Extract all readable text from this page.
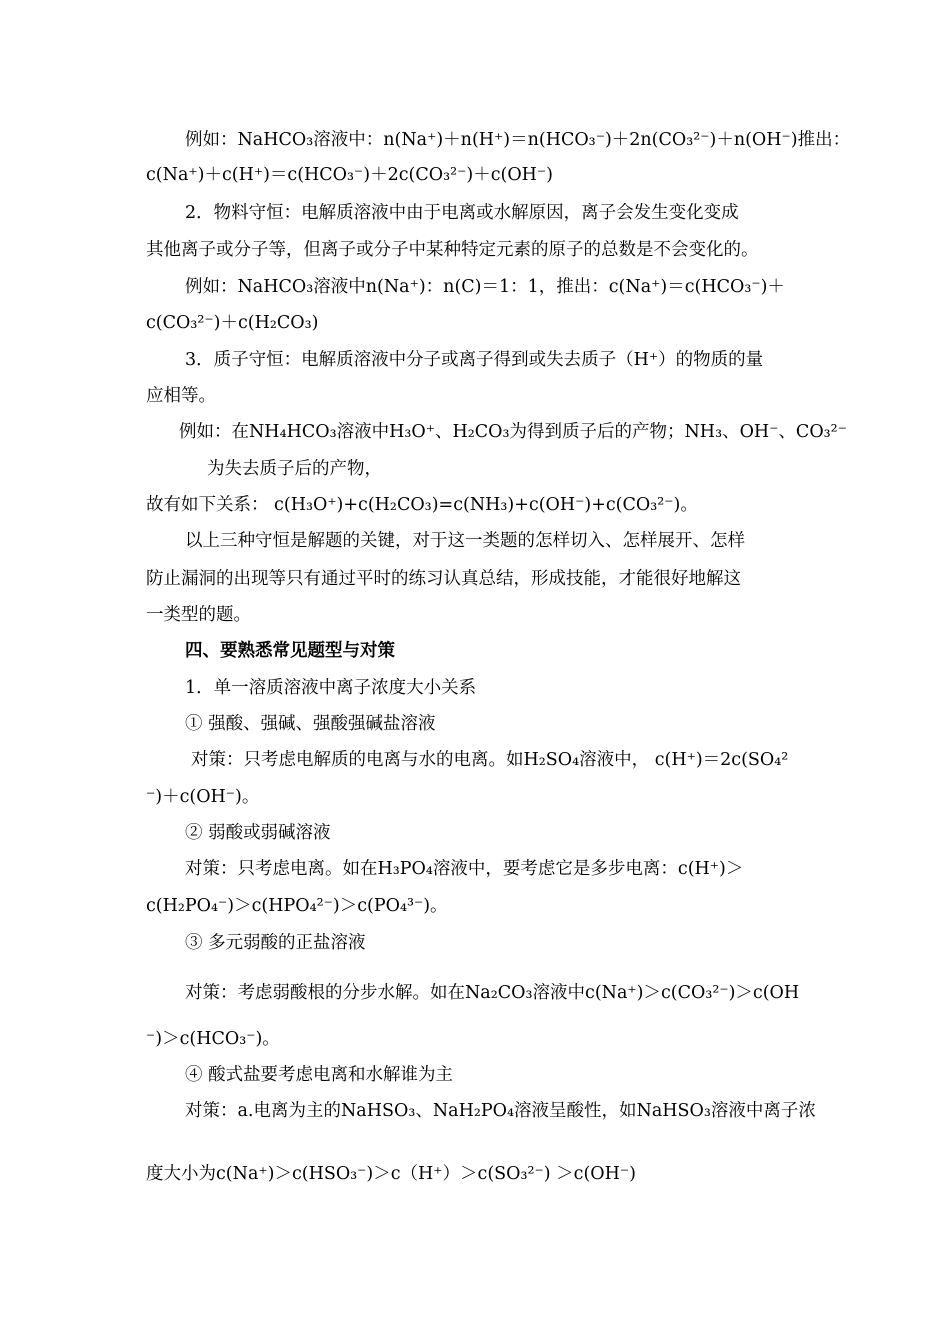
例如：NaHCO₃溶液中：n(Na⁺)＋n(H⁺)＝n(HCO₃⁻)＋2n(CO₃²⁻)＋n(OH⁻)推出：
c(Na⁺)＋c(H⁺)＝c(HCO₃⁻)＋2c(CO₃²⁻)＋c(OH⁻)
2．物料守恒：电解质溶液中由于电离或水解原因，离子会发生变化变成
其他离子或分子等，但离子或分子中某种特定元素的原子的总数是不会变化的。
例如：NaHCO₃溶液中n(Na⁺)：n(C)＝1：1，推出：c(Na⁺)＝c(HCO₃⁻)＋
c(CO₃²⁻)＋c(H₂CO₃)
3．质子守恒：电解质溶液中分子或离子得到或失去质子（H⁺）的物质的量
应相等。
例如：在NH₄HCO₃溶液中H₃O⁺、H₂CO₃为得到质子后的产物；NH₃、OH⁻、CO₃²⁻
为失去质子后的产物，
故有如下关系： c(H₃O⁺)+c(H₂CO₃)=c(NH₃)+c(OH⁻)+c(CO₃²⁻)。
以上三种守恒是解题的关键，对于这一类题的怎样切入、怎样展开、怎样
防止漏洞的出现等只有通过平时的练习认真总结，形成技能，才能很好地解这
一类型的题。
四、要熟悉常见题型与对策
1．单一溶质溶液中离子浓度大小关系
① 强酸、强碱、强酸强碱盐溶液
对策：只考虑电解质的电离与水的电离。如H₂SO₄溶液中， c(H⁺)＝2c(SO₄²
⁻)＋c(OH⁻)。
② 弱酸或弱碱溶液
对策：只考虑电离。如在H₃PO₄溶液中，要考虑它是多步电离：c(H⁺)＞
c(H₂PO₄⁻)＞c(HPO₄²⁻)＞c(PO₄³⁻)。
③ 多元弱酸的正盐溶液
对策：考虑弱酸根的分步水解。如在Na₂CO₃溶液中c(Na⁺)＞c(CO₃²⁻)＞c(OH
⁻)＞c(HCO₃⁻)。
④ 酸式盐要考虑电离和水解谁为主
对策：a.电离为主的NaHSO₃、NaH₂PO₄溶液呈酸性，如NaHSO₃溶液中离子浓
度大小为c(Na⁺)＞c(HSO₃⁻)＞c（H⁺）＞c(SO₃²⁻) ＞c(OH⁻)
